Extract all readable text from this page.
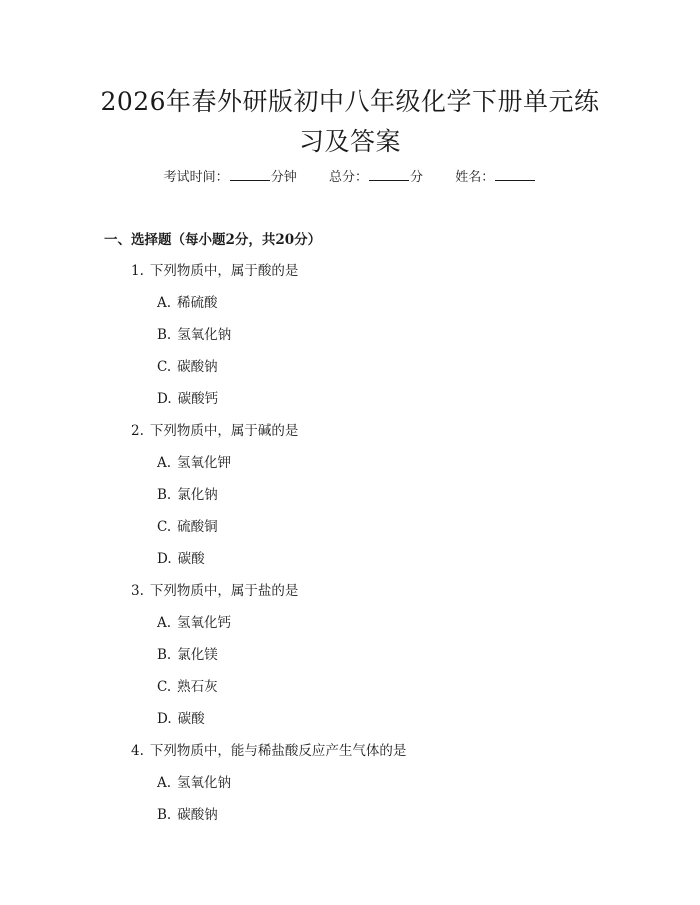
2026年春外研版初中八年级化学下册单元练
习及答案
考试时间：	分钟 总分：	分 姓名：
一、选择题（每小题2分，共20分）
1. 下列物质中，属于酸的是
A. 稀硫酸
B. 氢氧化钠
C. 碳酸钠
D. 碳酸钙
2. 下列物质中，属于碱的是
A. 氢氧化钾
B. 氯化钠
C. 硫酸铜
D. 碳酸
3. 下列物质中，属于盐的是
A. 氢氧化钙
B. 氯化镁
C. 熟石灰
D. 碳酸
4. 下列物质中，能与稀盐酸反应产生气体的是
A. 氢氧化钠
B. 碳酸钠
